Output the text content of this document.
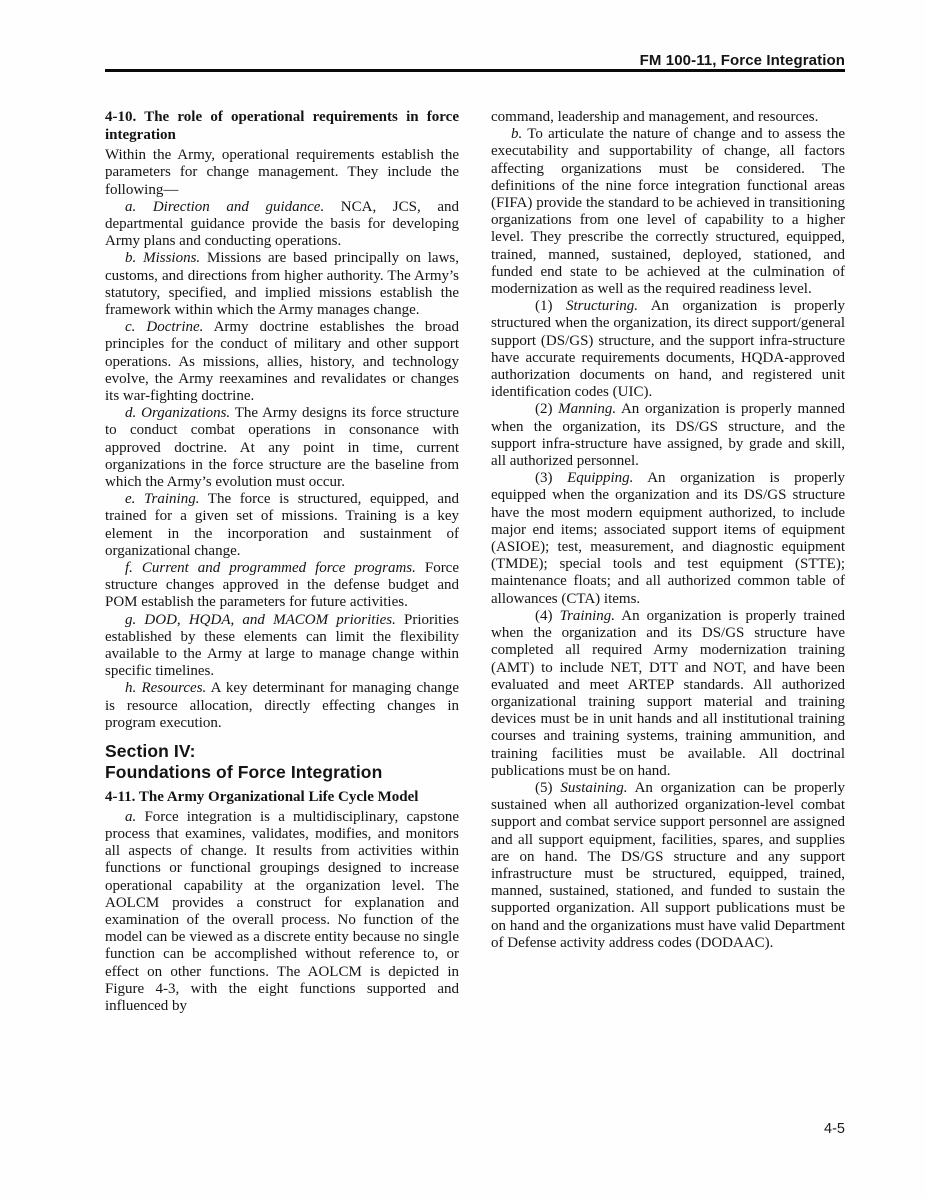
FM 100-11, Force Integration
4-10. The role of operational requirements in force integration

Within the Army, operational requirements establish the parameters for change management. They include the following—

a. Direction and guidance. NCA, JCS, and departmental guidance provide the basis for developing Army plans and conducting operations.

b. Missions. Missions are based principally on laws, customs, and directions from higher authority. The Army’s statutory, specified, and implied missions establish the framework within which the Army manages change.

c. Doctrine. Army doctrine establishes the broad principles for the conduct of military and other support operations. As missions, allies, history, and technology evolve, the Army reexamines and revalidates or changes its war-fighting doctrine.

d. Organizations. The Army designs its force structure to conduct combat operations in consonance with approved doctrine. At any point in time, current organizations in the force structure are the baseline from which the Army’s evolution must occur.

e. Training. The force is structured, equipped, and trained for a given set of missions. Training is a key element in the incorporation and sustainment of organizational change.

f. Current and programmed force programs. Force structure changes approved in the defense budget and POM establish the parameters for future activities.

g. DOD, HQDA, and MACOM priorities. Priorities established by these elements can limit the flexibility available to the Army at large to manage change within specific timelines.

h. Resources. A key determinant for managing change is resource allocation, directly effecting changes in program execution.

Section IV:
Foundations of Force Integration
4-11. The Army Organizational Life Cycle Model

a. Force integration is a multidisciplinary, capstone process that examines, validates, modifies, and monitors all aspects of change. It results from activities within functions or functional groupings designed to increase operational capability at the organization level. The AOLCM provides a construct for explanation and examination of the overall process. No function of the model can be viewed as a discrete entity because no single function can be accomplished without reference to, or effect on other functions. The AOLCM is depicted in Figure 4-3, with the eight functions supported and influenced by

command, leadership and management, and resources.

b. To articulate the nature of change and to assess the executability and supportability of change, all factors affecting organizations must be considered. The definitions of the nine force integration functional areas (FIFA) provide the standard to be achieved in transitioning organizations from one level of capability to a higher level. They prescribe the correctly structured, equipped, trained, manned, sustained, deployed, stationed, and funded end state to be achieved at the culmination of modernization as well as the required readiness level.

(1) Structuring. An organization is properly structured when the organization, its direct support/general support (DS/GS) structure, and the support infra-structure have accurate requirements documents, HQDA-approved authorization documents on hand, and registered unit identification codes (UIC).

(2) Manning. An organization is properly manned when the organization, its DS/GS structure, and the support infra-structure have assigned, by grade and skill, all authorized personnel.

(3) Equipping. An organization is properly equipped when the organization and its DS/GS structure have the most modern equipment authorized, to include major end items; associated support items of equipment (ASIOE); test, measurement, and diagnostic equipment (TMDE); special tools and test equipment (STTE); maintenance floats; and all authorized common table of allowances (CTA) items.

(4) Training. An organization is properly trained when the organization and its DS/GS structure have completed all required Army modernization training (AMT) to include NET, DTT and NOT, and have been evaluated and meet ARTEP standards. All authorized organizational training support material and training devices must be in unit hands and all institutional training courses and training systems, training ammunition, and training facilities must be available. All doctrinal publications must be on hand.

(5) Sustaining. An organization can be properly sustained when all authorized organization-level combat support and combat service support personnel are assigned and all support equipment, facilities, spares, and supplies are on hand. The DS/GS structure and any support infrastructure must be structured, equipped, trained, manned, sustained, stationed, and funded to sustain the supported organization. All support publications must be on hand and the organizations must have valid Department of Defense activity address codes (DODAAC).

4-5
